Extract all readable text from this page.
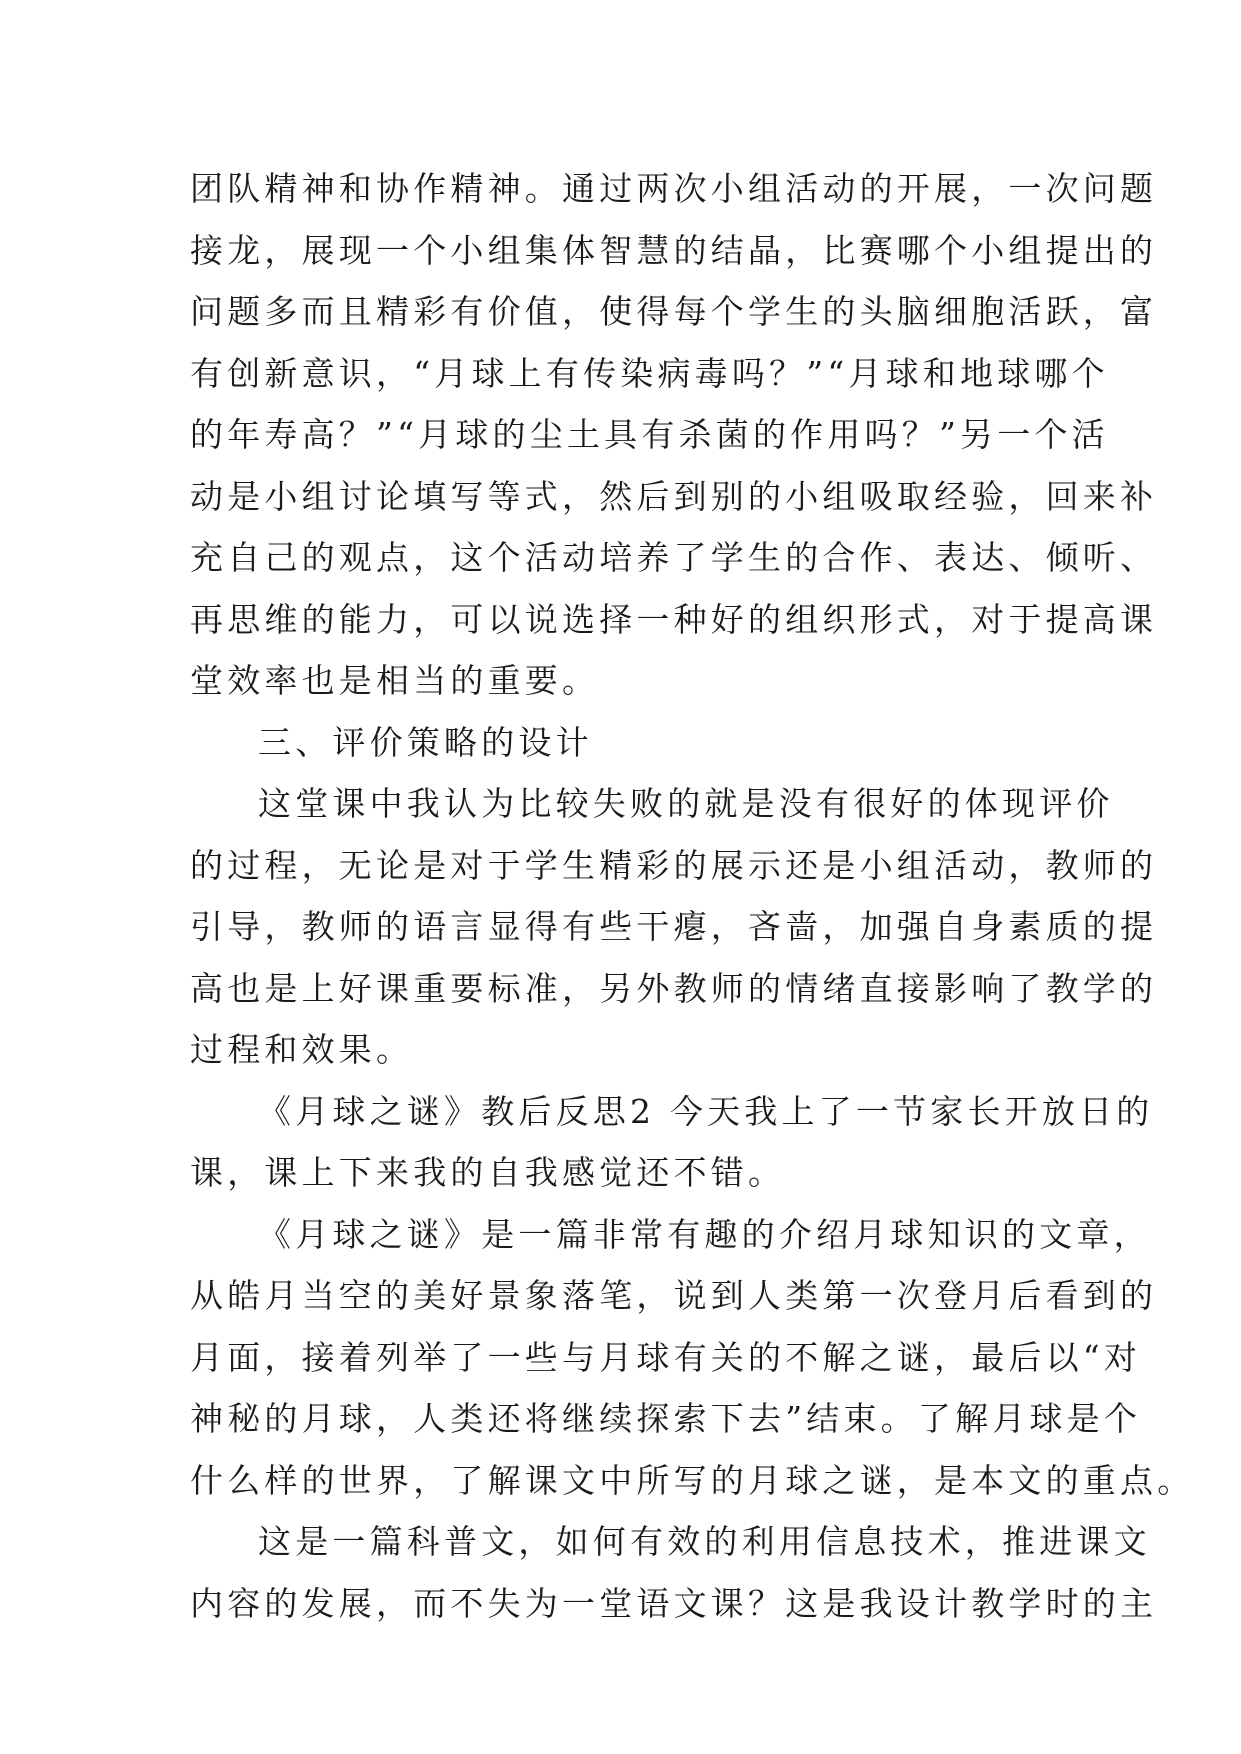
团队精神和协作精神。通过两次小组活动的开展，一次问题
接龙，展现一个小组集体智慧的结晶，比赛哪个小组提出的
问题多而且精彩有价值，使得每个学生的头脑细胞活跃，富
有创新意识，“月球上有传染病毒吗？”“月球和地球哪个
的年寿高？”“月球的尘土具有杀菌的作用吗？”另一个活
动是小组讨论填写等式，然后到别的小组吸取经验，回来补
充自己的观点，这个活动培养了学生的合作、表达、倾听、
再思维的能力，可以说选择一种好的组织形式，对于提高课
堂效率也是相当的重要。
三、评价策略的设计
这堂课中我认为比较失败的就是没有很好的体现评价
的过程，无论是对于学生精彩的展示还是小组活动，教师的
引导，教师的语言显得有些干瘪，吝啬，加强自身素质的提
高也是上好课重要标准，另外教师的情绪直接影响了教学的
过程和效果。
《月球之谜》教后反思2 今天我上了一节家长开放日的
课，课上下来我的自我感觉还不错。
《月球之谜》是一篇非常有趣的介绍月球知识的文章，
从皓月当空的美好景象落笔，说到人类第一次登月后看到的
月面，接着列举了一些与月球有关的不解之谜，最后以“对
神秘的月球，人类还将继续探索下去”结束。了解月球是个
什么样的世界，了解课文中所写的月球之谜，是本文的重点。
这是一篇科普文，如何有效的利用信息技术，推进课文
内容的发展，而不失为一堂语文课？这是我设计教学时的主
